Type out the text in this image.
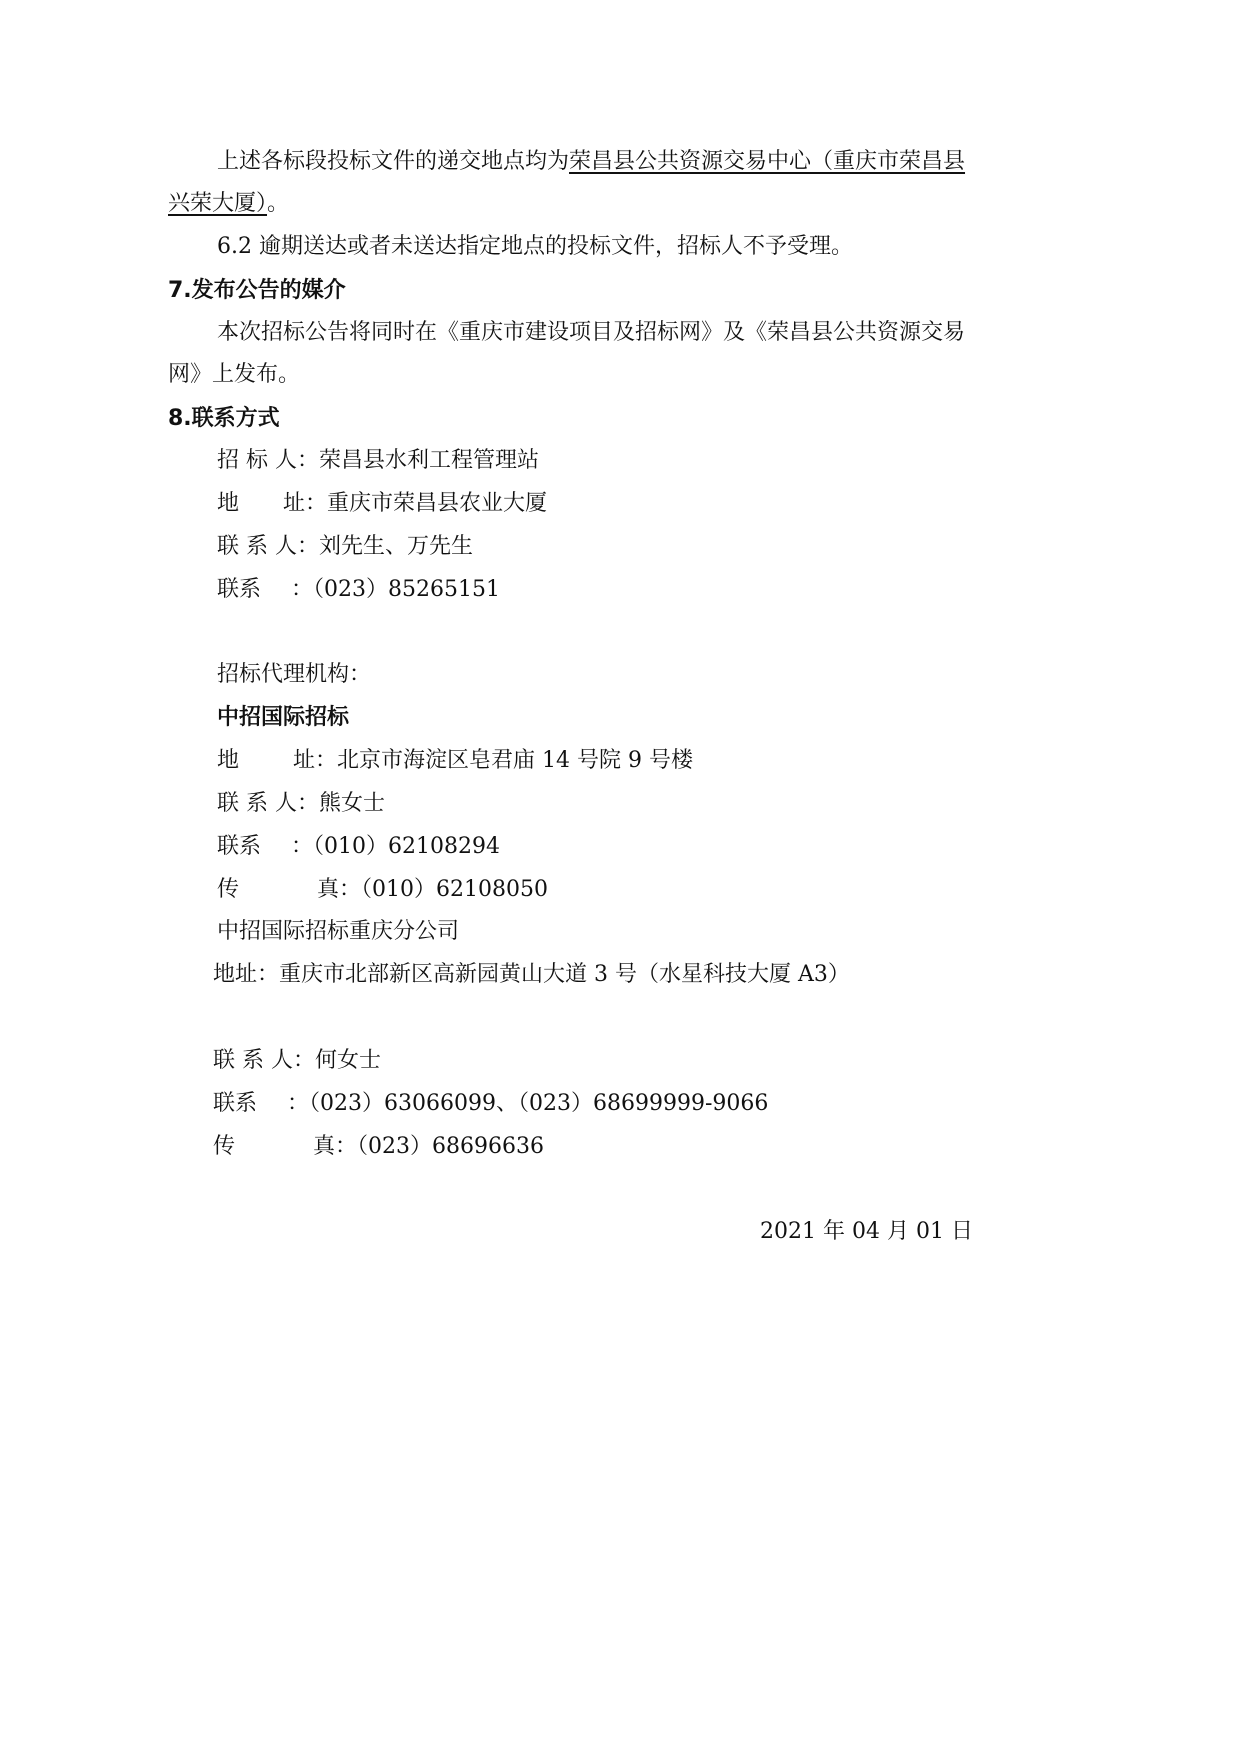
上述各标段投标文件的递交地点均为荣昌县公共资源交易中心（重庆市荣昌县
兴荣大厦）。
6.2 逾期送达或者未送达指定地点的投标文件，招标人不予受理。
7.发布公告的媒介
本次招标公告将同时在《重庆市建设项目及招标网》及《荣昌县公共资源交易
网》上发布。
8.联系方式
招 标 人：荣昌县水利工程管理站
地 址：重庆市荣昌县农业大厦
联 系 人：刘先生、万先生
联系 ：（023）85265151
招标代理机构：
中招国际招标
地 址：北京市海淀区皂君庙 14 号院 9 号楼
联 系 人：熊女士
联系 ：（010）62108294
传	真：（010）62108050
中招国际招标重庆分公司
地址：重庆市北部新区高新园黄山大道 3 号（水星科技大厦 A3）
联 系 人：何女士
联系 ：（023）63066099、（023）68699999-9066
传	真：（023）68696636
2021 年 04 月 01 日
